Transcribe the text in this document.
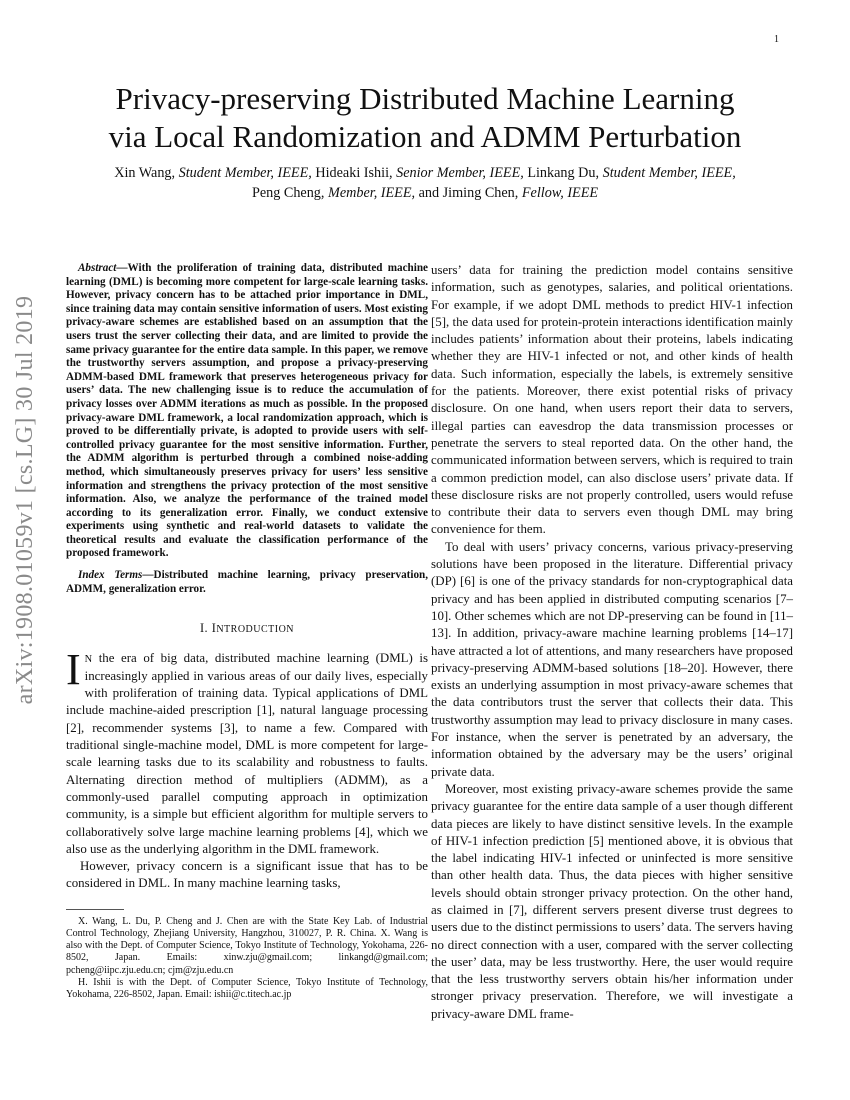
1
arXiv:1908.01059v1 [cs.LG] 30 Jul 2019
Privacy-preserving Distributed Machine Learning
via Local Randomization and ADMM Perturbation
Xin Wang, Student Member, IEEE, Hideaki Ishii, Senior Member, IEEE, Linkang Du, Student Member, IEEE,
Peng Cheng, Member, IEEE, and Jiming Chen, Fellow, IEEE

Abstract—With the proliferation of training data, distributed machine learning (DML) is becoming more competent for large-scale learning tasks. However, privacy concern has to be attached prior importance in DML, since training data may contain sensitive information of users. Most existing privacy-aware schemes are established based on an assumption that the users trust the server collecting their data, and are limited to provide the same privacy guarantee for the entire data sample. In this paper, we remove the trustworthy servers assumption, and propose a privacy-preserving ADMM-based DML framework that preserves heterogeneous privacy for users’ data. The new challenging issue is to reduce the accumulation of privacy losses over ADMM iterations as much as possible. In the proposed privacy-aware DML framework, a local randomization approach, which is proved to be differentially private, is adopted to provide users with self-controlled privacy guarantee for the most sensitive information. Further, the ADMM algorithm is perturbed through a combined noise-adding method, which simultaneously preserves privacy for users’ less sensitive information and strengthens the privacy protection of the most sensitive information. Also, we analyze the performance of the trained model according to its generalization error. Finally, we conduct extensive experiments using synthetic and real-world datasets to validate the theoretical results and evaluate the classification performance of the proposed framework.

Index Terms—Distributed machine learning, privacy preservation, ADMM, generalization error.

I. INTRODUCTION

I N the era of big data, distributed machine learning (DML) is increasingly applied in various areas of our daily lives, especially with proliferation of training data. Typical applications of DML include machine-aided prescription [1], natural language processing [2], recommender systems [3], to name a few. Compared with traditional single-machine model, DML is more competent for large-scale learning tasks due to its scalability and robustness to faults. Alternating direction method of multipliers (ADMM), as a commonly-used parallel computing approach in optimization community, is a simple but efficient algorithm for multiple servers to collaboratively solve large machine learning problems [4], which we also use as the underlying algorithm in the DML framework.

However, privacy concern is a significant issue that has to be considered in DML. In many machine learning tasks,

X. Wang, L. Du, P. Cheng and J. Chen are with the State Key Lab. of Industrial Control Technology, Zhejiang University, Hangzhou, 310027, P. R. China. X. Wang is also with the Dept. of Computer Science, Tokyo Institute of Technology, Yokohama, 226-8502, Japan. Emails: xinw.zju@gmail.com; linkangd@gmail.com; pcheng@iipc.zju.edu.cn; cjm@zju.edu.cn

H. Ishii is with the Dept. of Computer Science, Tokyo Institute of Technology, Yokohama, 226-8502, Japan. Email: ishii@c.titech.ac.jp

users’ data for training the prediction model contains sensitive information, such as genotypes, salaries, and political orientations. For example, if we adopt DML methods to predict HIV-1 infection [5], the data used for protein-protein interactions identification mainly includes patients’ information about their proteins, labels indicating whether they are HIV-1 infected or not, and other kinds of health data. Such information, especially the labels, is extremely sensitive for the patients. Moreover, there exist potential risks of privacy disclosure. On one hand, when users report their data to servers, illegal parties can eavesdrop the data transmission processes or penetrate the servers to steal reported data. On the other hand, the communicated information between servers, which is required to train a common prediction model, can also disclose users’ private data. If these disclosure risks are not properly controlled, users would refuse to contribute their data to servers even though DML may bring convenience for them.

To deal with users’ privacy concerns, various privacy-preserving solutions have been proposed in the literature. Differential privacy (DP) [6] is one of the privacy standards for non-cryptographical data privacy and has been applied in distributed computing scenarios [7–10]. Other schemes which are not DP-preserving can be found in [11–13]. In addition, privacy-aware machine learning problems [14–17] have attracted a lot of attentions, and many researchers have proposed privacy-preserving ADMM-based solutions [18–20]. However, there exists an underlying assumption in most privacy-aware schemes that the data contributors trust the server that collects their data. This trustworthy assumption may lead to privacy disclosure in many cases. For instance, when the server is penetrated by an adversary, the information obtained by the adversary may be the users’ original private data.

Moreover, most existing privacy-aware schemes provide the same privacy guarantee for the entire data sample of a user though different data pieces are likely to have distinct sensitive levels. In the example of HIV-1 infection prediction [5] mentioned above, it is obvious that the label indicating HIV-1 infected or uninfected is more sensitive than other health data. Thus, the data pieces with higher sensitive levels should obtain stronger privacy protection. On the other hand, as claimed in [7], different servers present diverse trust degrees to users due to the distinct permissions to users’ data. The servers having no direct connection with a user, compared with the server collecting the user’ data, may be less trustworthy. Here, the user would require that the less trustworthy servers obtain his/her information under stronger privacy preservation. Therefore, we will investigate a privacy-aware DML frame-
